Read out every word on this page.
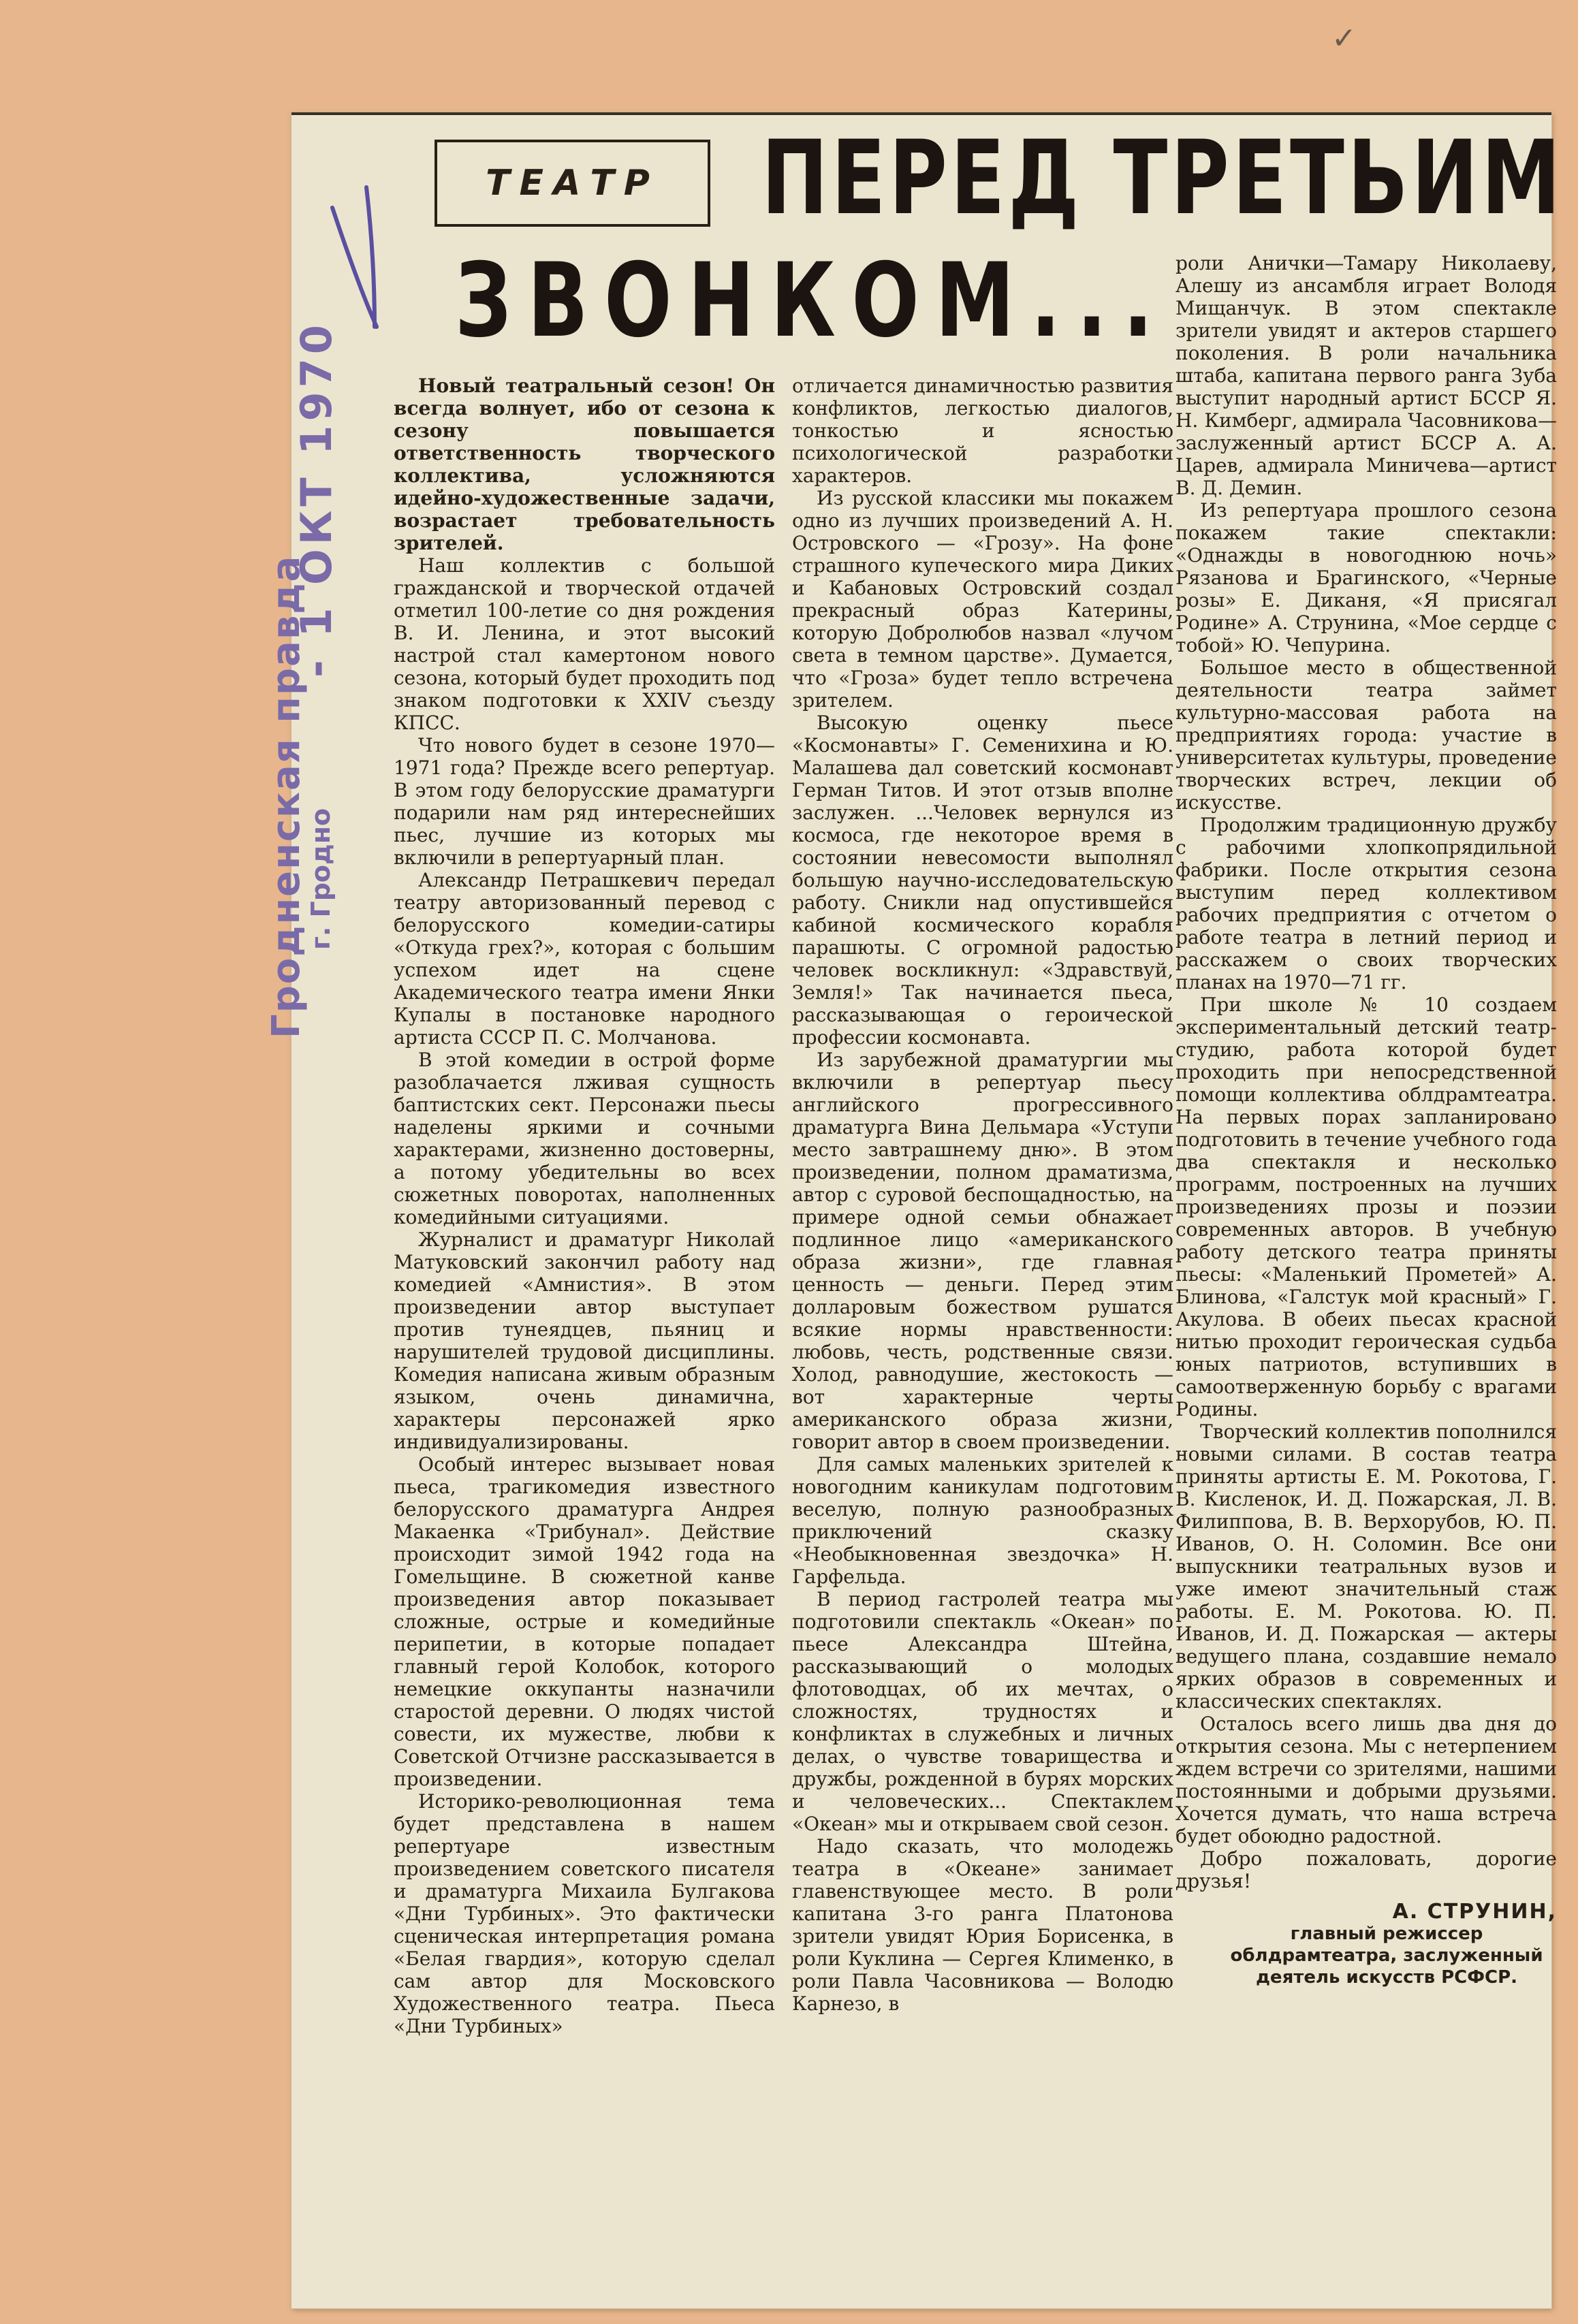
✓
ТЕАТР ПЕРЕД ТРЕТЬИМ
ЗВОНКОМ...
- 1 ОКТ 1970
Гродненская правда
г. Гродно

Новый театральный сезон! Он всегда волнует, ибо от сезона к сезону повышается ответственность творческого коллектива, усложняются идейно-художественные задачи, возрастает требовательность зрителей.

Наш коллектив с большой гражданской и творческой отдачей отметил 100-летие со дня рождения В. И. Ленина, и этот высокий настрой стал камертоном нового сезона, который будет проходить под знаком подготовки к XXIV съезду КПСС.

Что нового будет в сезоне 1970—1971 года? Прежде всего репертуар. В этом году белорусские драматурги подарили нам ряд интереснейших пьес, лучшие из которых мы включили в репертуарный план.

Александр Петрашкевич передал театру авторизованный перевод с белорусского комедии-сатиры «Откуда грех?», которая с большим успехом идет на сцене Академического театра имени Янки Купалы в постановке народного артиста СССР П. С. Молчанова.

В этой комедии в острой форме разоблачается лживая сущность баптистских сект. Персонажи пьесы наделены яркими и сочными характерами, жизненно достоверны, а потому убедительны во всех сюжетных поворотах, наполненных комедийными ситуациями.

Журналист и драматург Николай Матуковский закончил работу над комедией «Амнистия». В этом произведении автор выступает против тунеядцев, пьяниц и нарушителей трудовой дисциплины. Комедия написана живым образным языком, очень динамична, характеры персонажей ярко индивидуализированы.

Особый интерес вызывает новая пьеса, трагикомедия известного белорусского драматурга Андрея Макаенка «Трибунал». Действие происходит зимой 1942 года на Гомельщине. В сюжетной канве произведения автор показывает сложные, острые и комедийные перипетии, в которые попадает главный герой Колобок, которого немецкие оккупанты назначили старостой деревни. О людях чистой совести, их мужестве, любви к Советской Отчизне рассказывается в произведении.

Историко-революционная тема будет представлена в нашем репертуаре известным произведением советского писателя и драматурга Михаила Булгакова «Дни Турбиных». Это фактически сценическая интерпретация романа «Белая гвардия», которую сделал сам автор для Московского Художественного театра. Пьеса «Дни Турбиных»

отличается динамичностью развития конфликтов, легкостью диалогов, тонкостью и ясностью психологической разработки характеров.

Из русской классики мы покажем одно из лучших произведений А. Н. Островского — «Грозу». На фоне страшного купеческого мира Диких и Кабановых Островский создал прекрасный образ Катерины, которую Добролюбов назвал «лучом света в темном царстве». Думается, что «Гроза» будет тепло встречена зрителем.

Высокую оценку пьесе «Космонавты» Г. Семенихина и Ю. Малашева дал советский космонавт Герман Титов. И этот отзыв вполне заслужен. ...Человек вернулся из космоса, где некоторое время в состоянии невесомости выполнял большую научно-исследовательскую работу. Сникли над опустившейся кабиной космического корабля парашюты. С огромной радостью человек воскликнул: «Здравствуй, Земля!» Так начинается пьеса, рассказывающая о героической профессии космонавта.

Из зарубежной драматургии мы включили в репертуар пьесу английского прогрессивного драматурга Вина Дельмара «Уступи место завтрашнему дню». В этом произведении, полном драматизма, автор с суровой беспощадностью, на примере одной семьи обнажает подлинное лицо «американского образа жизни», где главная ценность — деньги. Перед этим долларовым божеством рушатся всякие нормы нравственности: любовь, честь, родственные связи. Холод, равнодушие, жестокость — вот характерные черты американского образа жизни, говорит автор в своем произведении.

Для самых маленьких зрителей к новогодним каникулам подготовим веселую, полную разнообразных приключений сказку «Необыкновенная звездочка» Н. Гарфельда.

В период гастролей театра мы подготовили спектакль «Океан» по пьесе Александра Штейна, рассказывающий о молодых флотоводцах, об их мечтах, о сложностях, трудностях и конфликтах в служебных и личных делах, о чувстве товарищества и дружбы, рожденной в бурях морских и человеческих... Спектаклем «Океан» мы и открываем свой сезон.

Надо сказать, что молодежь театра в «Океане» занимает главенствующее место. В роли капитана 3-го ранга Платонова зрители увидят Юрия Борисенка, в роли Куклина — Сергея Клименко, в роли Павла Часовникова — Володю Карнезо, в

роли Анички—Тамару Николаеву, Алешу из ансамбля играет Володя Мищанчук. В этом спектакле зрители увидят и актеров старшего поколения. В роли начальника штаба, капитана первого ранга Зуба выступит народный артист БССР Я. Н. Кимберг, адмирала Часовникова—заслуженный артист БССР А. А. Царев, адмирала Миничева—артист В. Д. Демин.

Из репертуара прошлого сезона покажем такие спектакли: «Однажды в новогоднюю ночь» Рязанова и Брагинского, «Черные розы» Е. Диканя, «Я присягал Родине» А. Струнина, «Мое сердце с тобой» Ю. Чепурина.

Большое место в общественной деятельности театра займет культурно-массовая работа на предприятиях города: участие в университетах культуры, проведение творческих встреч, лекции об искусстве.

Продолжим традиционную дружбу с рабочими хлопкопрядильной фабрики. После открытия сезона выступим перед коллективом рабочих предприятия с отчетом о работе театра в летний период и расскажем о своих творческих планах на 1970—71 гг.

При школе № 10 создаем экспериментальный детский театр-студию, работа которой будет проходить при непосредственной помощи коллектива облдрамтеатра. На первых порах запланировано подготовить в течение учебного года два спектакля и несколько программ, построенных на лучших произведениях прозы и поэзии современных авторов. В учебную работу детского театра приняты пьесы: «Маленький Прометей» А. Блинова, «Галстук мой красный» Г. Акулова. В обеих пьесах красной нитью проходит героическая судьба юных патриотов, вступивших в самоотверженную борьбу с врагами Родины.

Творческий коллектив пополнился новыми силами. В состав театра приняты артисты Е. М. Рокотова, Г. В. Кисленок, И. Д. Пожарская, Л. В. Филиппова, В. В. Верхорубов, Ю. П. Иванов, О. Н. Соломин. Все они выпускники театральных вузов и уже имеют значительный стаж работы. Е. М. Рокотова. Ю. П. Иванов, И. Д. Пожарская — актеры ведущего плана, создавшие немало ярких образов в современных и классических спектаклях.

Осталось всего лишь два дня до открытия сезона. Мы с нетерпением ждем встречи со зрителями, нашими постоянными и добрыми друзьями. Хочется думать, что наша встреча будет обоюдно радостной.

Добро пожаловать, дорогие друзья!

А. СТРУНИН,
главный режиссер облдрамтеатра, заслуженный деятель искусств РСФСР.
